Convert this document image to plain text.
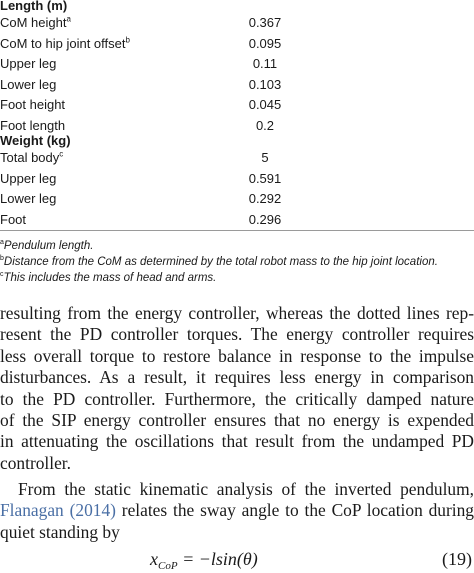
Length (m)
CoM height$^a$	0.367
CoM to hip joint offset$^b$	0.095
Upper leg	0.11
Lower leg	0.103
Foot height	0.045
Foot length	0.2
Weight (kg)
Total body$^c$	5
Upper leg	0.591
Lower leg	0.292
Foot	0.296
$^a$Pendulum length.
$^b$Distance from the CoM as determined by the total robot mass to the hip joint location.
$^c$This includes the mass of head and arms.
resulting from the energy controller, whereas the dotted lines rep-
resent the PD controller torques. The energy controller requires
less overall torque to restore balance in response to the impulse
disturbances. As a result, it requires less energy in comparison
to the PD controller. Furthermore, the critically damped nature
of the SIP energy controller ensures that no energy is expended
in attenuating the oscillations that result from the undamped PD
controller.
From the static kinematic analysis of the inverted pendulum,
Flanagan (2014) relates the sway angle to the CoP location during
quiet standing by
$x_{CoP} = -lsin(\theta)$	(19)
